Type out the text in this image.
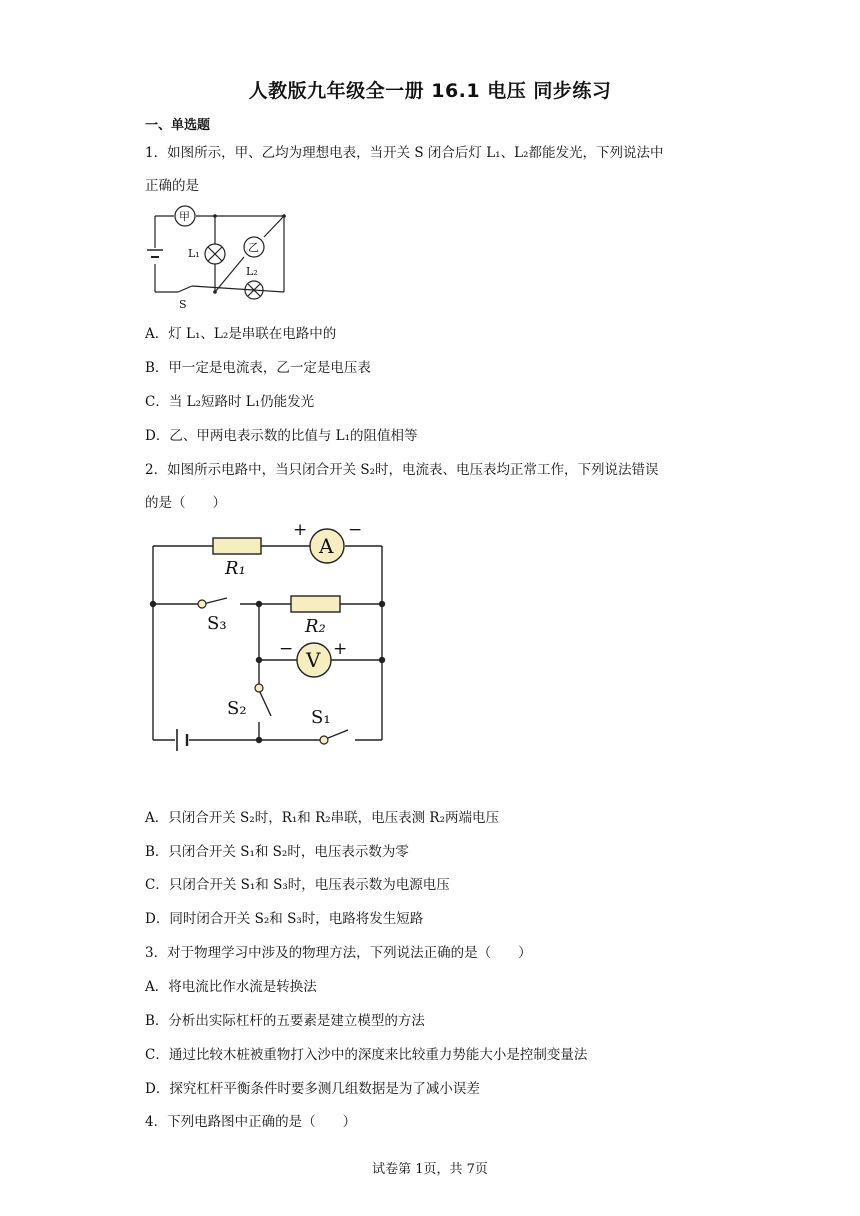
人教版九年级全一册 16.1 电压 同步练习
一、单选题
1．如图所示，甲、乙均为理想电表，当开关 S 闭合后灯 L₁、L₂都能发光，下列说法中
正确的是
甲
乙
L₁
L₂
S
A．灯 L₁、L₂是串联在电路中的
B．甲一定是电流表，乙一定是电压表
C．当 L₂短路时 L₁仍能发光
D．乙、甲两电表示数的比值与 L₁的阻值相等
2．如图所示电路中，当只闭合开关 S₂时，电流表、电压表均正常工作，下列说法错误
的是（　　）
A
V
+ −
− +
R₁
R₂
S₃
S₂	S₁
A．只闭合开关 S₂时，R₁和 R₂串联，电压表测 R₂两端电压
B．只闭合开关 S₁和 S₂时，电压表示数为零
C．只闭合开关 S₁和 S₃时，电压表示数为电源电压
D．同时闭合开关 S₂和 S₃时，电路将发生短路
3．对于物理学习中涉及的物理方法，下列说法正确的是（　　）
A．将电流比作水流是转换法
B．分析出实际杠杆的五要素是建立模型的方法
C．通过比较木桩被重物打入沙中的深度来比较重力势能大小是控制变量法
D．探究杠杆平衡条件时要多测几组数据是为了减小误差
4．下列电路图中正确的是（　　）
试卷第 1页，共 7页
